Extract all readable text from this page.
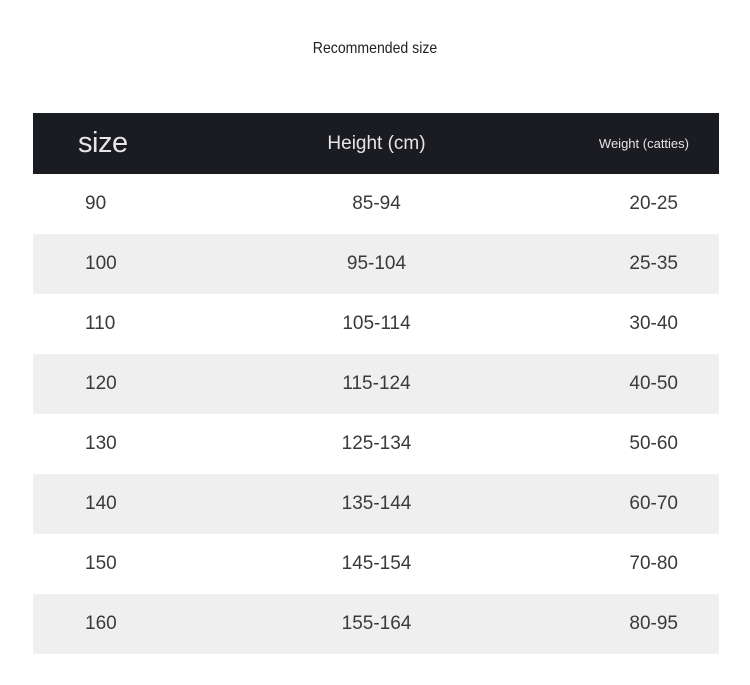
Recommended size
size	Height (cm)	Weight (catties)
90	85-94	20-25
100	95-104	25-35
110	105-114	30-40
120	115-124	40-50
130	125-134	50-60
140	135-144	60-70
150	145-154	70-80
160	155-164	80-95
